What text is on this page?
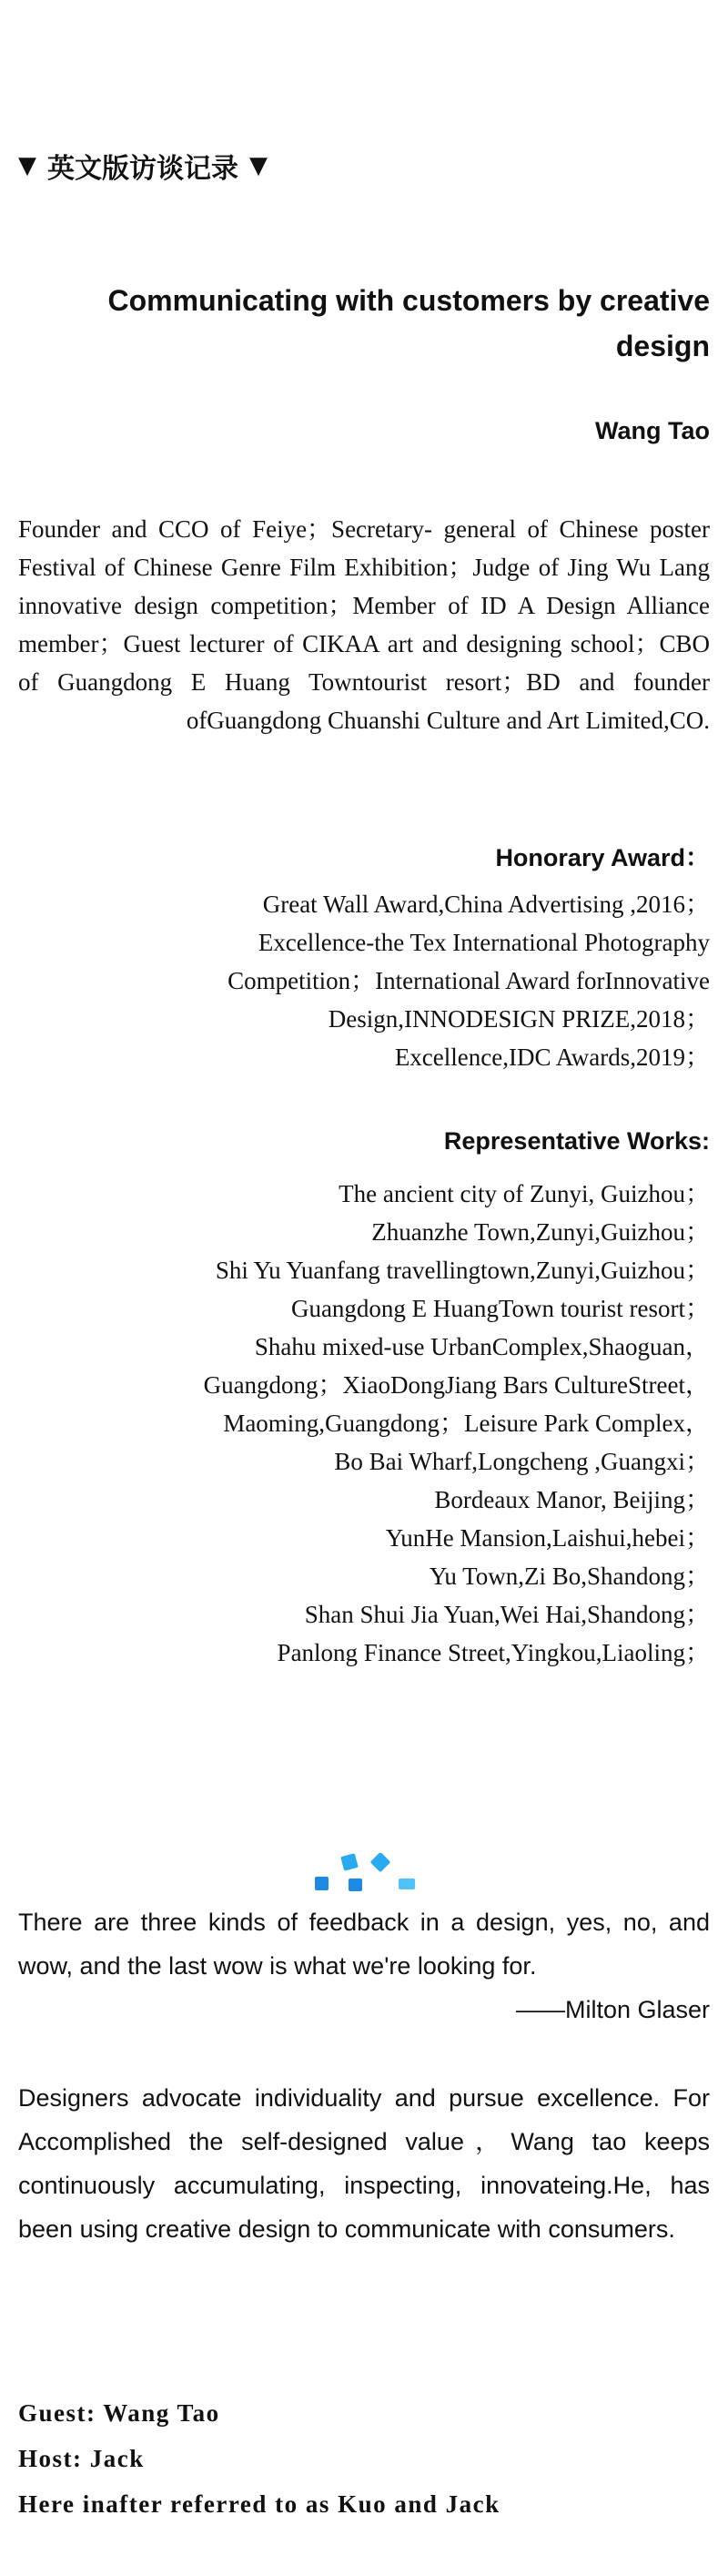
▼ 英文版访谈记录 ▼
Communicating with customers by creative design
Wang Tao
Founder and CCO of Feiye；Secretary- general of Chinese poster Festival of Chinese Genre Film Exhibition；Judge of Jing Wu Lang innovative design competition；Member of ID A Design Alliance member；Guest lecturer of CIKAA art and designing school；CBO of Guangdong E Huang Towntourist resort；BD and founder ofGuangdong Chuanshi Culture and Art Limited,CO.
Honorary Award：
Great Wall Award,China Advertising ,2016；
Excellence-the Tex International Photography
Competition；International Award forInnovative
Design,INNODESIGN PRIZE,2018；
Excellence,IDC Awards,2019；
Representative Works:
The ancient city of Zunyi, Guizhou；
Zhuanzhe Town,Zunyi,Guizhou；
Shi Yu Yuanfang travellingtown,Zunyi,Guizhou；
Guangdong E HuangTown tourist resort；
Shahu mixed-use UrbanComplex,Shaoguan，
Guangdong；XiaoDongJiang Bars CultureStreet，
Maoming,Guangdong；Leisure Park Complex，
Bo Bai Wharf,Longcheng ,Guangxi；
Bordeaux Manor, Beijing；
YunHe Mansion,Laishui,hebei；
Yu Town,Zi Bo,Shandong；
Shan Shui Jia Yuan,Wei Hai,Shandong；
Panlong Finance Street,Yingkou,Liaoling；
There are three kinds of feedback in a design, yes, no, and wow, and the last wow is what we're looking for.
——Milton Glaser
Designers advocate individuality and pursue excellence. For Accomplished the self-designed value，Wang tao keeps continuously accumulating, inspecting, innovateing.He, has been using creative design to communicate with consumers.
Guest: Wang Tao
Host: Jack
Here inafter referred to as Kuo and Jack
